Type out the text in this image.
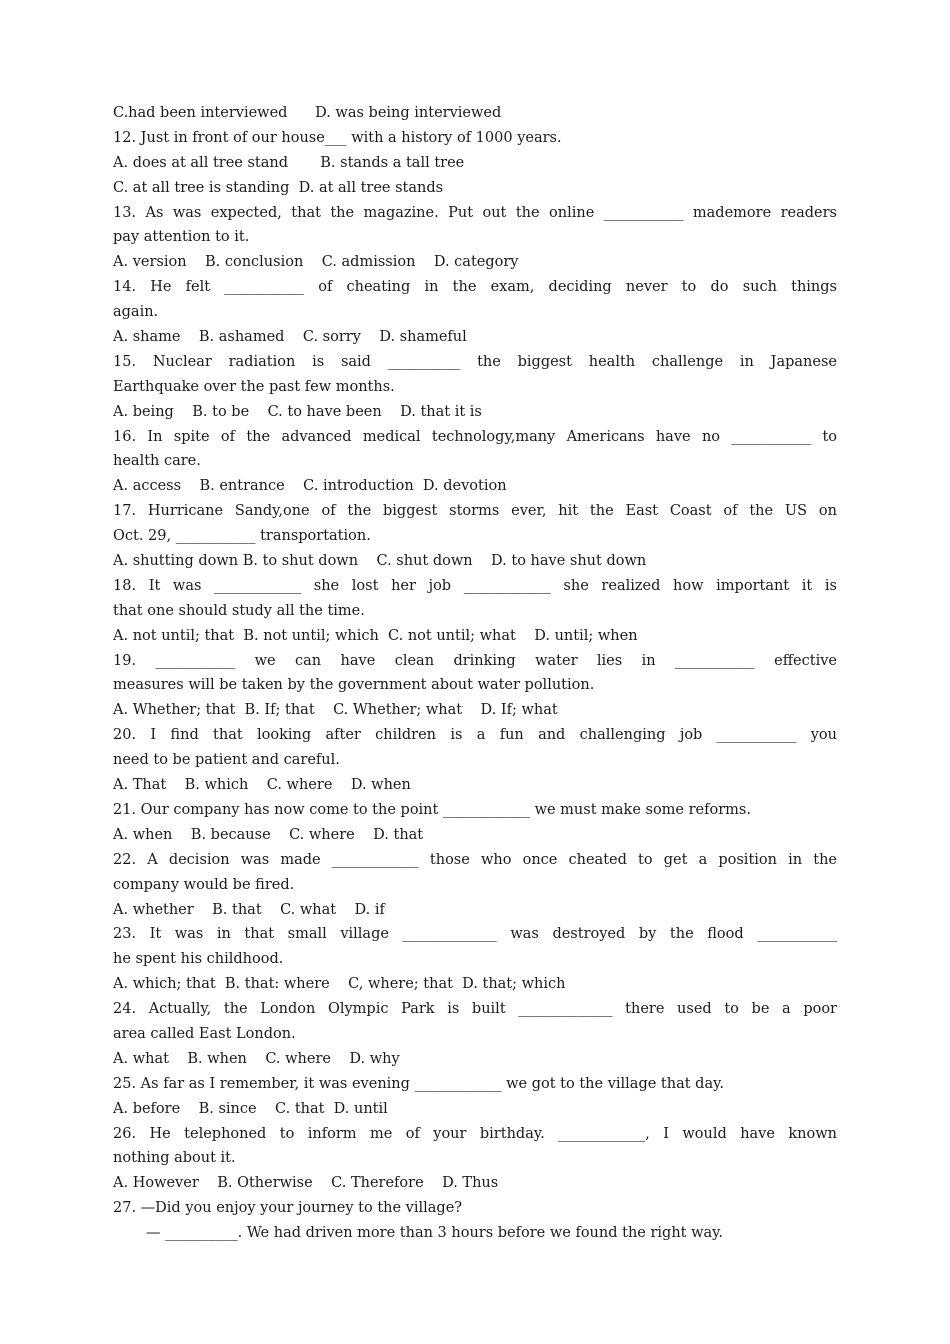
C.had been interviewed      D. was being interviewed
12. Just in front of our house___ with a history of 1000 years.
A. does at all tree stand       B. stands a tall tree
C. at all tree is standing  D. at all tree stands
13. As was expected, that the magazine. Put out the online ___________ mademore readers
pay attention to it.
A. version    B. conclusion    C. admission    D. category
14. He felt ___________ of cheating in the exam, deciding never to do such things
again.
A. shame    B. ashamed    C. sorry    D. shameful
15. Nuclear radiation is said __________ the biggest health challenge in Japanese
Earthquake over the past few months.
A. being    B. to be    C. to have been    D. that it is
16. In spite of the advanced medical technology,many Americans have no ___________ to
health care.
A. access    B. entrance    C. introduction  D. devotion
17. Hurricane Sandy,one of the biggest storms ever, hit the East Coast of the US on
Oct. 29, ___________ transportation.
A. shutting down B. to shut down    C. shut down    D. to have shut down
18. It was ____________ she lost her job ____________ she realized how important it is
that one should study all the time.
A. not until; that  B. not until; which  C. not until; what    D. until; when
19. ___________ we can have clean drinking water lies in ___________ effective
measures will be taken by the government about water pollution.
A. Whether; that  B. If; that    C. Whether; what    D. If; what
20. I find that looking after children is a fun and challenging job ___________ you
need to be patient and careful.
A. That    B. which    C. where    D. when
21. Our company has now come to the point ____________ we must make some reforms.
A. when    B. because    C. where    D. that
22. A decision was made ____________ those who once cheated to get a position in the
company would be fired.
A. whether    B. that    C. what    D. if
23. It was in that small village _____________ was destroyed by the flood ___________
he spent his childhood.
A. which; that  B. that: where    C, where; that  D. that; which
24. Actually, the London Olympic Park is built _____________ there used to be a poor
area called East London.
A. what    B. when    C. where    D. why
25. As far as I remember, it was evening ____________ we got to the village that day.
A. before    B. since    C. that  D. until
26. He telephoned to inform me of your birthday. ____________, I would have known
nothing about it.
A. However    B. Otherwise    C. Therefore    D. Thus
27. —Did you enjoy your journey to the village?
— __________. We had driven more than 3 hours before we found the right way.
